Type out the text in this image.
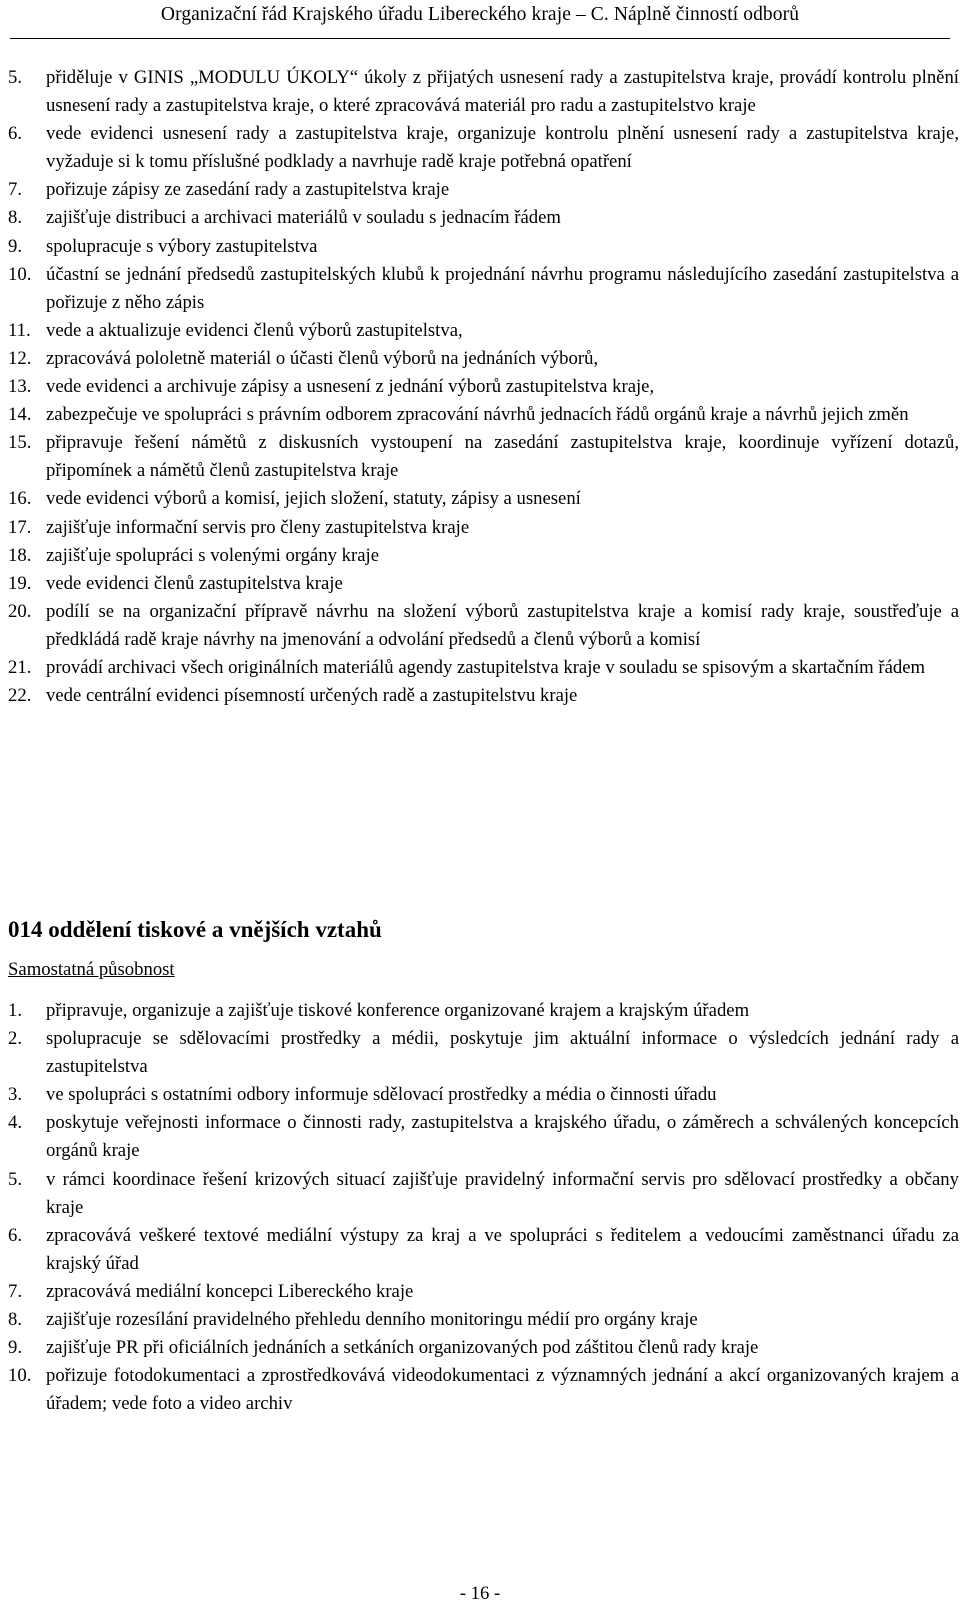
Organizační řád Krajského úřadu Libereckého kraje – C. Náplně činností odborů
5.	přiděluje v GINIS „MODULU ÚKOLY“ úkoly z přijatých usnesení rady a zastupitelstva kraje, provádí kontrolu plnění usnesení rady a zastupitelstva kraje, o které zpracovává materiál pro radu a zastupitelstvo kraje
6.	vede evidenci usnesení rady a zastupitelstva kraje, organizuje kontrolu plnění usnesení rady a zastupitelstva kraje, vyžaduje si k tomu příslušné podklady a navrhuje radě kraje potřebná opatření
7.	pořizuje zápisy ze zasedání rady a zastupitelstva kraje
8.	zajišťuje distribuci a archivaci materiálů v souladu s jednacím řádem
9.	spolupracuje s výbory zastupitelstva
10. účastní se jednání předsedů zastupitelských klubů k projednání návrhu programu následujícího zasedání zastupitelstva a pořizuje z něho zápis
11. vede a aktualizuje evidenci členů výborů zastupitelstva,
12. zpracovává pololetně materiál o účasti členů výborů na jednáních výborů,
13. vede evidenci a archivuje zápisy a usnesení z jednání výborů zastupitelstva kraje,
14. zabezpečuje ve spolupráci s právním odborem zpracování návrhů jednacích řádů orgánů kraje a návrhů jejich změn
15. připravuje řešení námětů z diskusních vystoupení na zasedání zastupitelstva kraje, koordinuje vyřízení dotazů, připomínek a námětů členů zastupitelstva kraje
16. vede evidenci výborů a komisí, jejich složení, statuty, zápisy a usnesení
17. zajišťuje informační servis pro členy zastupitelstva kraje
18. zajišťuje spolupráci s volenými orgány kraje
19. vede evidenci členů zastupitelstva kraje
20. podílí se na organizační přípravě návrhu na složení výborů zastupitelstva kraje a komisí rady kraje, soustřeďuje a předkládá radě kraje návrhy na jmenování a odvolání předsedů a členů výborů a komisí
21. provádí archivaci všech originálních materiálů agendy zastupitelstva kraje v souladu se spisovým a skartačním řádem
22. vede centrální evidenci písemností určených radě a zastupitelstvu kraje
014 oddělení tiskové a vnějších vztahů
Samostatná působnost
1.	připravuje, organizuje a zajišťuje tiskové konference organizované krajem a krajským úřadem
2.	spolupracuje se sdělovacími prostředky a médii, poskytuje jim aktuální informace o výsledcích jednání rady a zastupitelstva
3.	ve spolupráci s ostatními odbory informuje sdělovací prostředky a média o činnosti úřadu
4.	poskytuje veřejnosti informace o činnosti rady, zastupitelstva a krajského úřadu, o záměrech a schválených koncepcích orgánů kraje
5.	v rámci koordinace řešení krizových situací zajišťuje pravidelný informační servis pro sdělovací prostředky a občany kraje
6.	zpracovává veškeré textové mediální výstupy za kraj a ve spolupráci s ředitelem a vedoucími zaměstnanci úřadu za krajský úřad
7.	zpracovává mediální koncepci Libereckého kraje
8.	zajišťuje rozesílání pravidelného přehledu denního monitoringu médií pro orgány kraje
9.	zajišťuje PR při oficiálních jednáních a setkáních organizovaných pod záštitou členů rady kraje
10. pořizuje fotodokumentaci a zprostředkovává videodokumentaci z významných jednání a akcí organizovaných krajem a úřadem; vede foto a video archiv
- 16 -
